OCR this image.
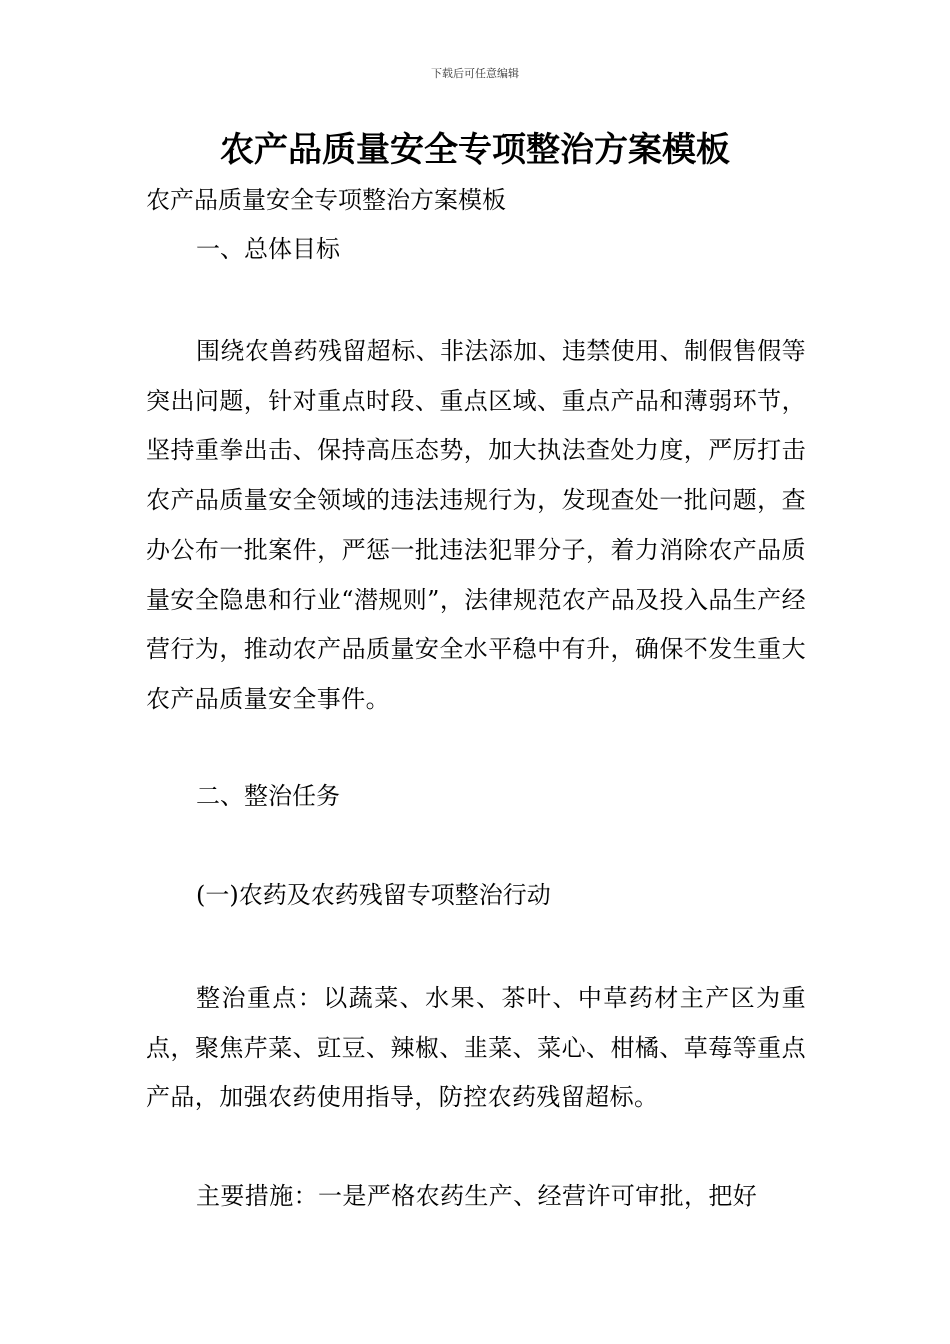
下载后可任意编辑
农产品质量安全专项整治方案模板

农产品质量安全专项整治方案模板

一、总体目标

围绕农兽药残留超标、非法添加、违禁使用、制假售假等突出问题，针对重点时段、重点区域、重点产品和薄弱环节，坚持重拳出击、保持高压态势，加大执法查处力度，严厉打击农产品质量安全领域的违法违规行为，发现查处一批问题，查办公布一批案件，严惩一批违法犯罪分子，着力消除农产品质量安全隐患和行业“潜规则”，法律规范农产品及投入品生产经营行为，推动农产品质量安全水平稳中有升，确保不发生重大农产品质量安全事件。

二、整治任务

(一)农药及农药残留专项整治行动

整治重点：以蔬菜、水果、茶叶、中草药材主产区为重点，聚焦芹菜、豇豆、辣椒、韭菜、菜心、柑橘、草莓等重点产品，加强农药使用指导，防控农药残留超标。

主要措施：一是严格农药生产、经营许可审批，把好
